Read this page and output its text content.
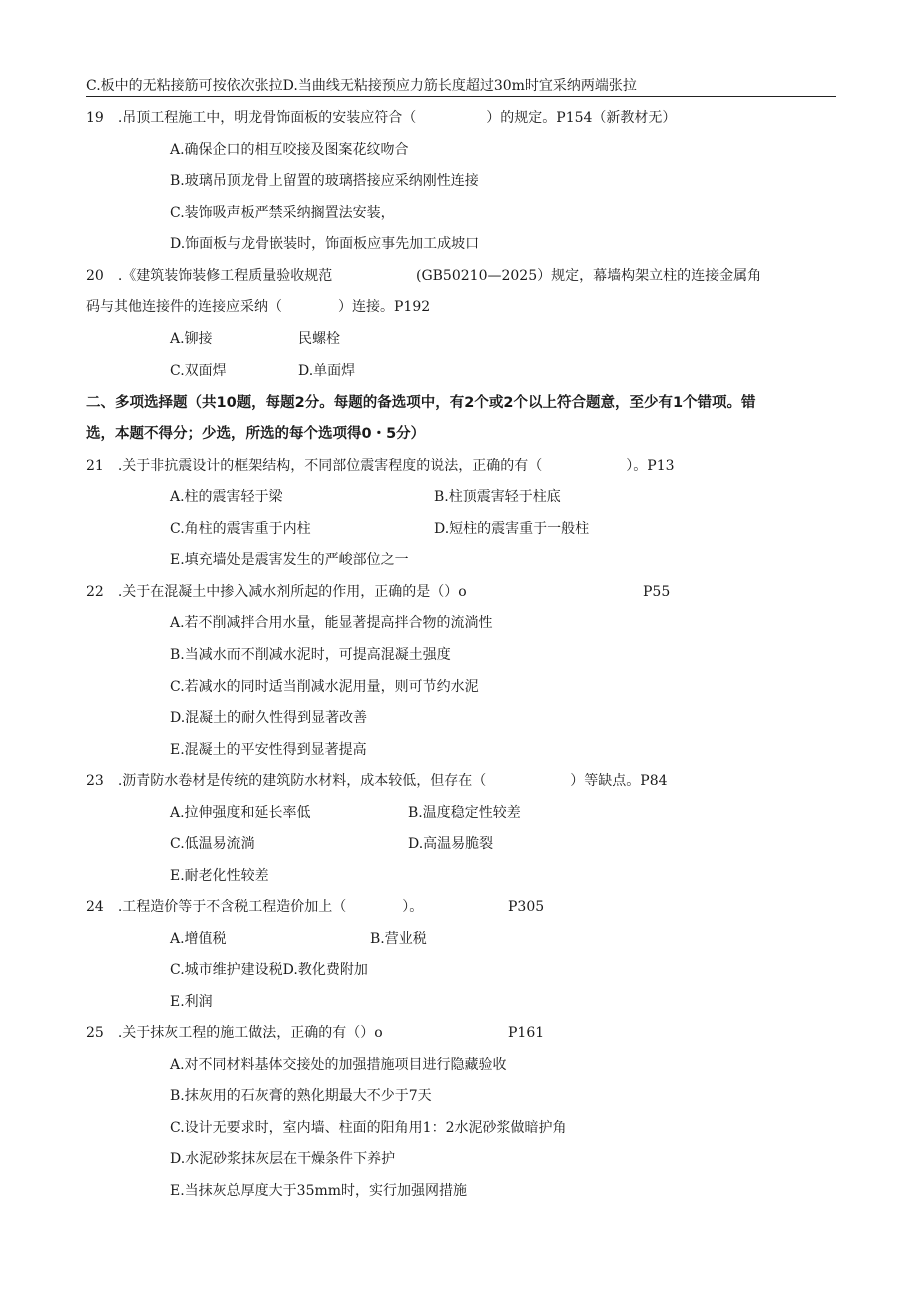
C.板中的无粘接筋可按依次张拉D.当曲线无粘接预应力筋长度超过30m时宜采纳两端张拉
19 .吊顶工程施工中，明龙骨饰面板的安装应符合（　　　　　）的规定。P154（新教材无）
A.确保企口的相互咬接及图案花纹吻合
B.玻璃吊顶龙骨上留置的玻璃搭接应采纳刚性连接
C.装饰吸声板严禁采纳搁置法安装，
D.饰面板与龙骨嵌装时，饰面板应事先加工成坡口
20 .《建筑装饰装修工程质量验收规范	(GB50210—2025）规定，幕墙构架立柱的连接金属角
码与其他连接件的连接应采纳（　　　　）连接。P192
A.铆接	民螺栓
C.双面焊	D.单面焊
二、多项选择题（共10题，每题2分。每题的备选项中，有2个或2个以上符合题意，至少有1个错项。错
选，本题不得分；少选，所选的每个选项得0・5分）
21 .关于非抗震设计的框架结构，不同部位震害程度的说法，正确的有（　　　　　　）。P13
A.柱的震害轻于梁	B.柱顶震害轻于柱底
C.角柱的震害重于内柱	D.短柱的震害重于一般柱
E.填充墙处是震害发生的严峻部位之一
22 .关于在混凝土中掺入减水剂所起的作用，正确的是（）o	P55
A.若不削减拌合用水量，能显著提高拌合物的流淌性
B.当减水而不削减水泥时，可提高混凝土强度
C.若减水的同时适当削减水泥用量，则可节约水泥
D.混凝土的耐久性得到显著改善
E.混凝土的平安性得到显著提高
23 .沥青防水卷材是传统的建筑防水材料，成本较低，但存在（　　　　　　）等缺点。P84
A.拉伸强度和延长率低	B.温度稳定性较差
C.低温易流淌	D.高温易脆裂
E.耐老化性较差
24 .工程造价等于不含税工程造价加上（　　　　）。	P305
A.增值税	B.营业税
C.城市维护建设税D.教化费附加
E.利润
25 .关于抹灰工程的施工做法，正确的有（）o	P161
A.对不同材料基体交接处的加强措施项目进行隐藏验收
B.抹灰用的石灰膏的熟化期最大不少于7天
C.设计无要求时，室内墙、柱面的阳角用1：2水泥砂浆做暗护角
D.水泥砂浆抹灰层在干燥条件下养护
E.当抹灰总厚度大于35mm时，实行加强网措施
